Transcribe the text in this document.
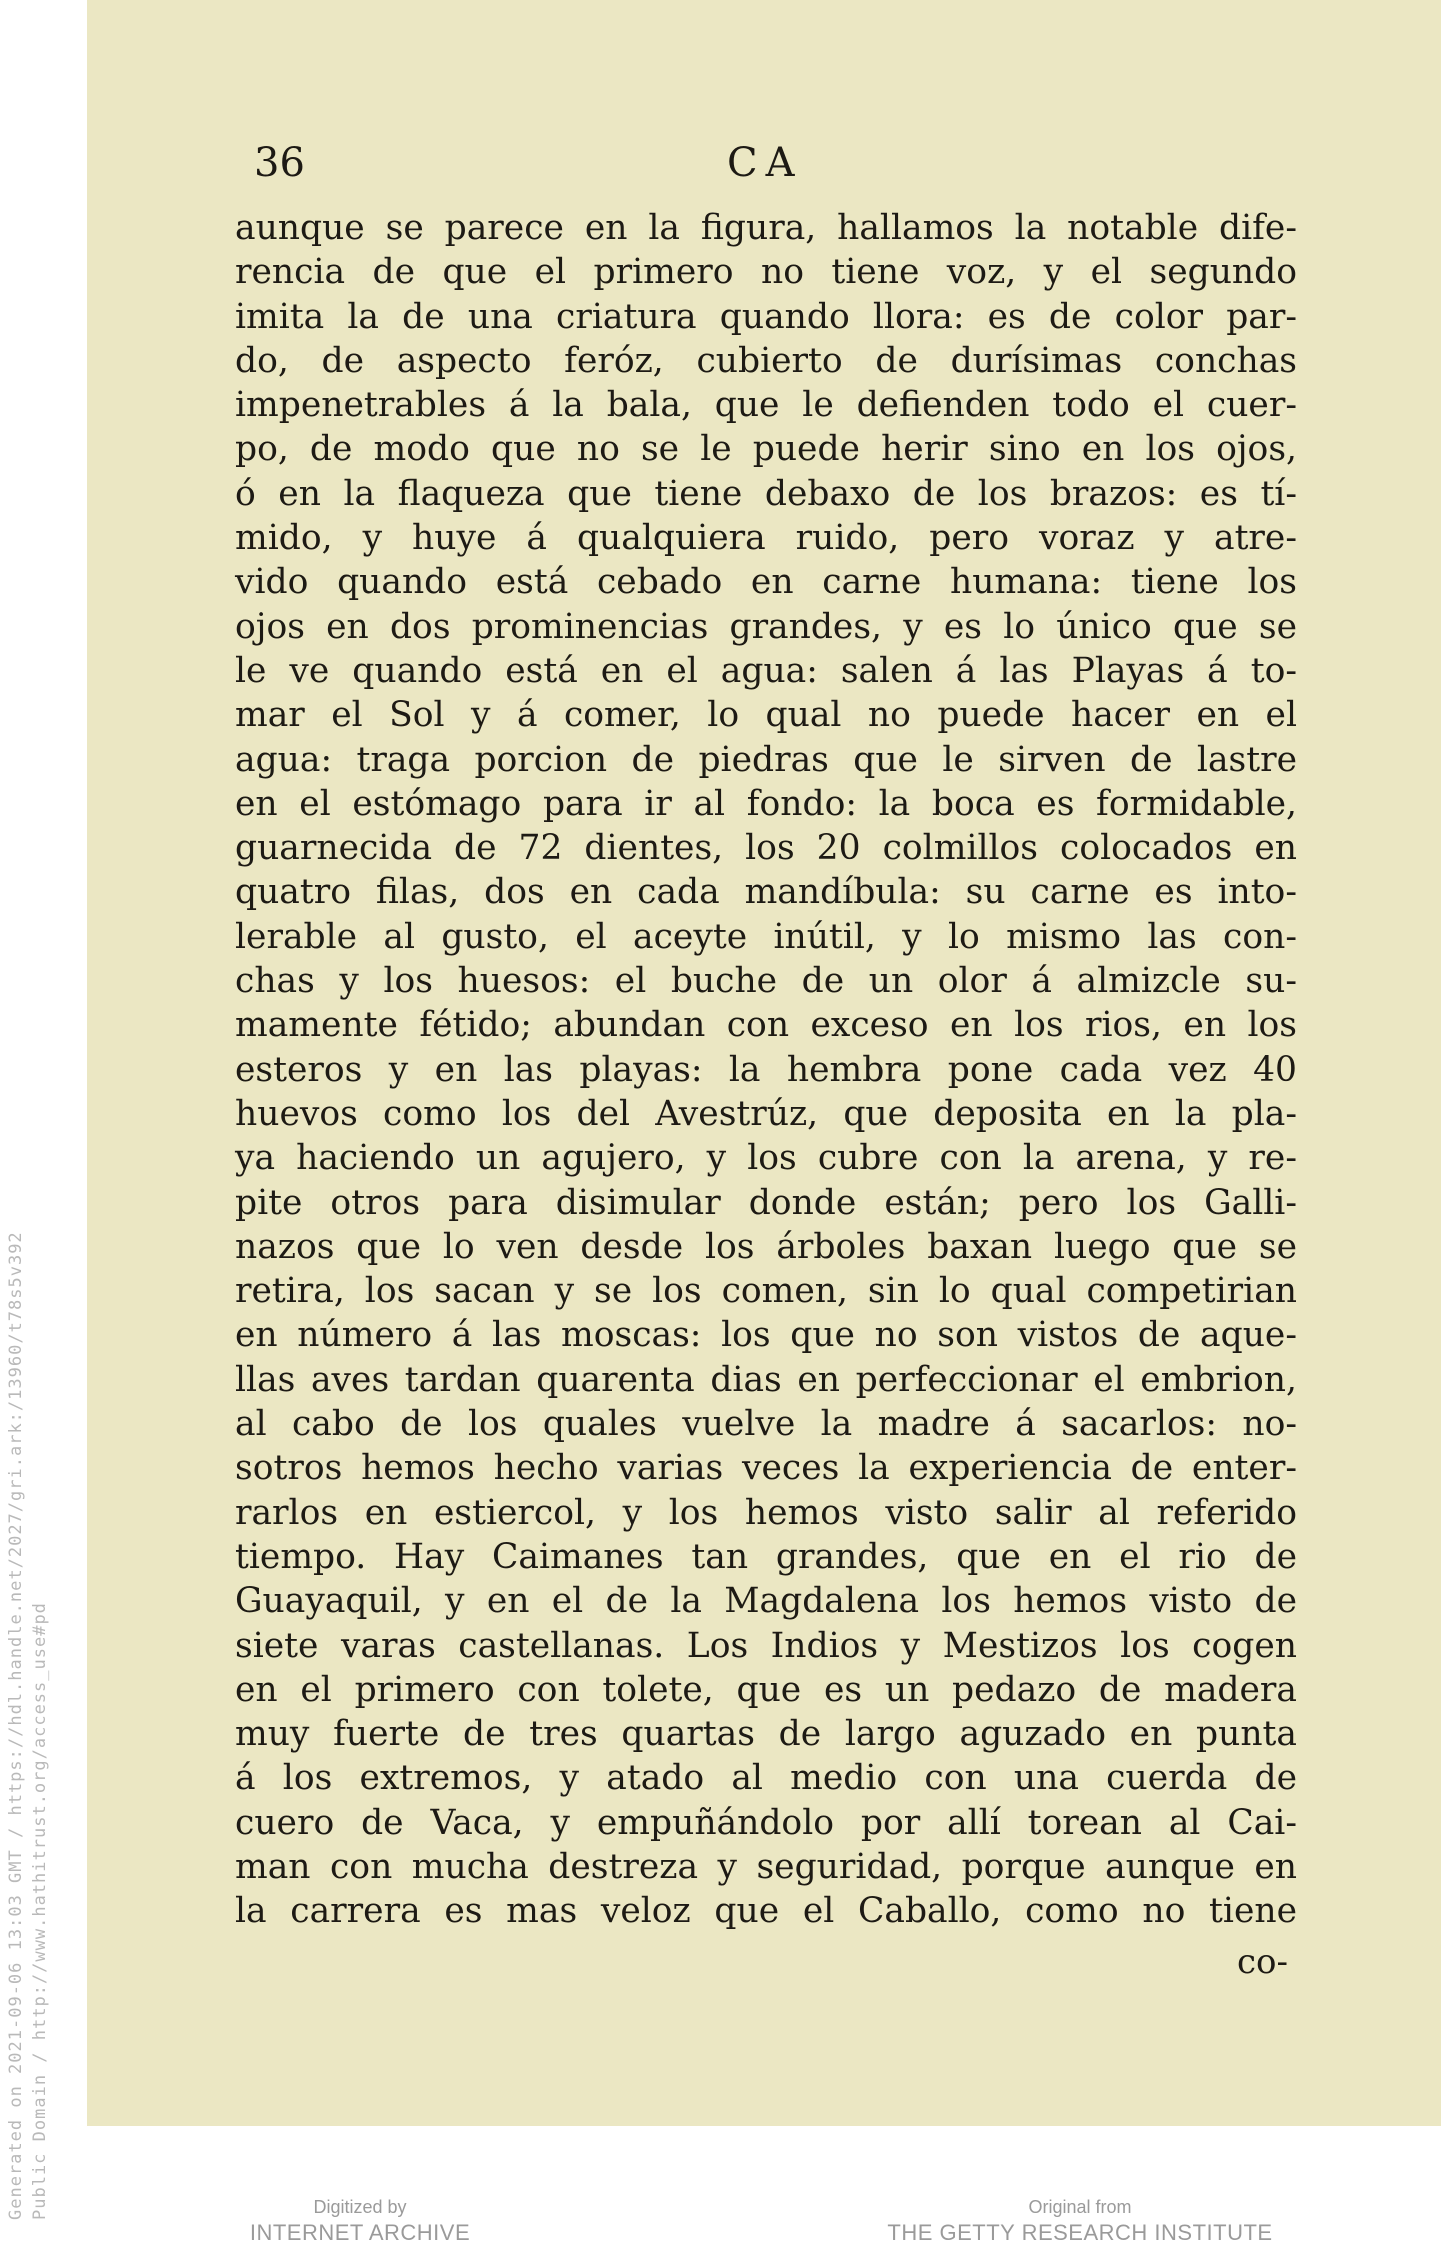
Generated on 2021-09-06 13:03 GMT / https://hdl.handle.net/2027/gri.ark:/13960/t78s5v392 Public Domain / http://www.hathitrust.org/access_use#pd
36	CA
aunque se parece en la figura, hallamos la notable dife-
rencia de que el primero no tiene voz, y el segundo
imita la de una criatura quando llora: es de color par-
do, de aspecto feróz, cubierto de durísimas conchas
impenetrables á la bala, que le defienden todo el cuer-
po, de modo que no se le puede herir sino en los ojos,
ó en la flaqueza que tiene debaxo de los brazos: es tí-
mido, y huye á qualquiera ruido, pero voraz y atre-
vido quando está cebado en carne humana: tiene los
ojos en dos prominencias grandes, y es lo único que se
le ve quando está en el agua: salen á las Playas á to-
mar el Sol y á comer, lo qual no puede hacer en el
agua: traga porcion de piedras que le sirven de lastre
en el estómago para ir al fondo: la boca es formidable,
guarnecida de 72 dientes, los 20 colmillos colocados en
quatro filas, dos en cada mandíbula: su carne es into-
lerable al gusto, el aceyte inútil, y lo mismo las con-
chas y los huesos: el buche de un olor á almizcle su-
mamente fétido; abundan con exceso en los rios, en los
esteros y en las playas: la hembra pone cada vez 40
huevos como los del Avestrúz, que deposita en la pla-
ya haciendo un agujero, y los cubre con la arena, y re-
pite otros para disimular donde están; pero los Galli-
nazos que lo ven desde los árboles baxan luego que se
retira, los sacan y se los comen, sin lo qual competirian
en número á las moscas: los que no son vistos de aque-
llas aves tardan quarenta dias en perfeccionar el embrion,
al cabo de los quales vuelve la madre á sacarlos: no-
sotros hemos hecho varias veces la experiencia de enter-
rarlos en estiercol, y los hemos visto salir al referido
tiempo. Hay Caimanes tan grandes, que en el rio de
Guayaquil, y en el de la Magdalena los hemos visto de
siete varas castellanas. Los Indios y Mestizos los cogen
en el primero con tolete, que es un pedazo de madera
muy fuerte de tres quartas de largo aguzado en punta
á los extremos, y atado al medio con una cuerda de
cuero de Vaca, y empuñándolo por allí torean al Cai-
man con mucha destreza y seguridad, porque aunque en
la carrera es mas veloz que el Caballo, como no tiene
co-
Digitized by
INTERNET ARCHIVE
Original from
THE GETTY RESEARCH INSTITUTE
